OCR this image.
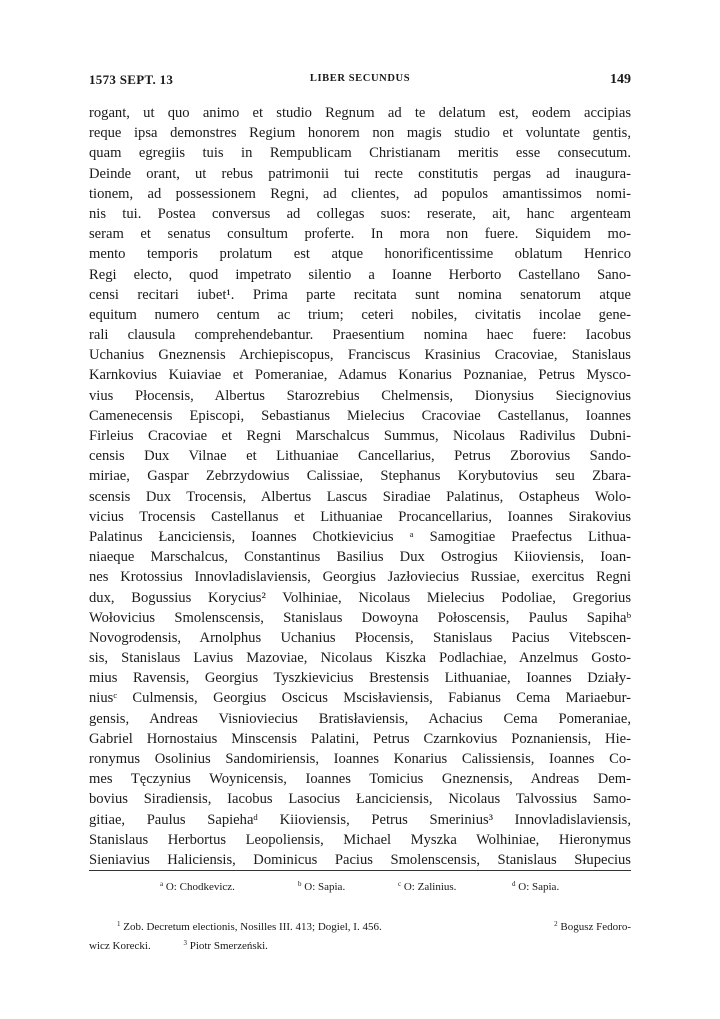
1573 SEPT. 13	LIBER SECUNDUS	149
rogant, ut quo animo et studio Regnum ad te delatum est, eodem accipias
reque ipsa demonstres Regium honorem non magis studio et voluntate gentis,
quam egregiis tuis in Rempublicam Christianam meritis esse consecutum.
Deinde orant, ut rebus patrimonii tui recte constitutis pergas ad inaugura-
tionem, ad possessionem Regni, ad clientes, ad populos amantissimos nomi-
nis tui. Postea conversus ad collegas suos: reserate, ait, hanc argenteam
seram et senatus consultum proferte. In mora non fuere. Siquidem mo-
mento temporis prolatum est atque honorificentissime oblatum Henrico
Regi electo, quod impetrato silentio a Ioanne Herborto Castellano Sano-
censi recitari iubet¹. Prima parte recitata sunt nomina senatorum atque
equitum numero centum ac trium; ceteri nobiles, civitatis incolae gene-
rali clausula comprehendebantur. Praesentium nomina haec fuere: Iacobus
Uchanius Gneznensis Archiepiscopus, Franciscus Krasinius Cracoviae, Stanislaus
Karnkovius Kuiaviae et Pomeraniae, Adamus Konarius Poznaniae, Petrus Mysco-
vius Płocensis, Albertus Starozrebius Chelmensis, Dionysius Siecignovius
Camenecensis Episcopi, Sebastianus Mielecius Cracoviae Castellanus, Ioannes
Firleius Cracoviae et Regni Marschalcus Summus, Nicolaus Radivilus Dubni-
censis Dux Vilnae et Lithuaniae Cancellarius, Petrus Zborovius Sando-
miriae, Gaspar Zebrzydowius Calissiae, Stephanus Korybutovius seu Zbara-
scensis Dux Trocensis, Albertus Lascus Siradiae Palatinus, Ostapheus Wolo-
vicius Trocensis Castellanus et Lithuaniae Procancellarius, Ioannes Sirakovius
Palatinus Łanciciensis, Ioannes Chotkievicius ᵃ Samogitiae Praefectus Lithua-
niaeque Marschalcus, Constantinus Basilius Dux Ostrogius Kiioviensis, Ioan-
nes Krotossius Innovladislaviensis, Georgius Jazłoviecius Russiae, exercitus Regni
dux, Bogussius Korycius² Volhiniae, Nicolaus Mielecius Podoliae, Gregorius
Wołovicius Smolenscensis, Stanislaus Dowoyna Połoscensis, Paulus Sapihaᵇ
Novogrodensis, Arnolphus Uchanius Płocensis, Stanislaus Pacius Vitebscen-
sis, Stanislaus Lavius Mazoviae, Nicolaus Kiszka Podlachiae, Anzelmus Gosto-
mius Ravensis, Georgius Tyszkievicius Brestensis Lithuaniae, Ioannes Działy-
niusᶜ Culmensis, Georgius Oscicus Mscisłaviensis, Fabianus Cema Mariaebur-
gensis, Andreas Visnioviecius Bratisłaviensis, Achacius Cema Pomeraniae,
Gabriel Hornostaius Minscensis Palatini, Petrus Czarnkovius Poznaniensis, Hie-
ronymus Osolinius Sandomiriensis, Ioannes Konarius Calissiensis, Ioannes Co-
mes Tęczynius Woynicensis, Ioannes Tomicius Gneznensis, Andreas Dem-
bovius Siradiensis, Iacobus Lasocius Łanciciensis, Nicolaus Talvossius Samo-
gitiae, Paulus Sapiehaᵈ Kiioviensis, Petrus Smerinius³ Innovladislaviensis,
Stanislaus Herbortus Leopoliensis, Michael Myszka Wolhiniae, Hieronymus
Sieniavius Haliciensis, Dominicus Pacius Smolenscensis, Stanislaus Słupecius
$^a$ O: Chodkevicz.	$^b$ O: Sapia.	$^c$ O: Zalinius.	$^d$ O: Sapia.
$^1$ Zob. Decretum electionis, Nosilles III. 413; Dogiel, I. 456.	$^2$ Bogusz Fedoro-
wicz Korecki.	$^3$ Piotr Smerzeński.
